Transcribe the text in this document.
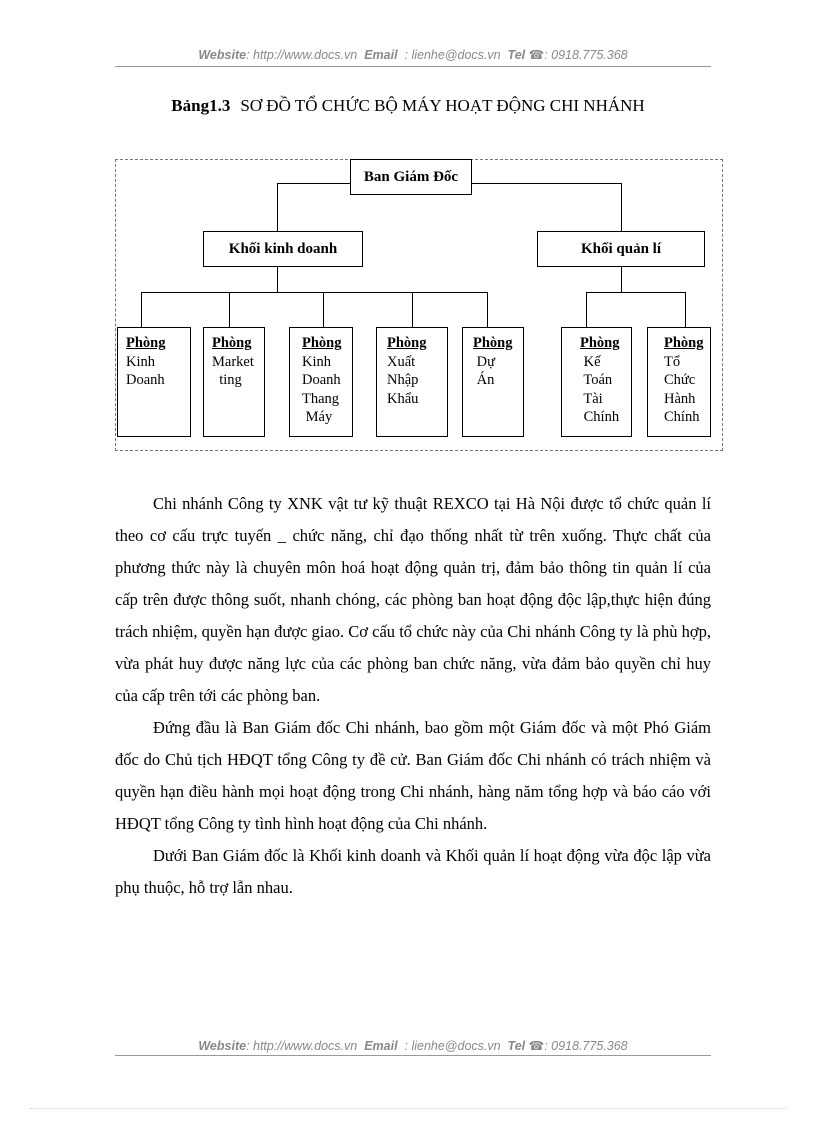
Website: http://www.docs.vn Email : lienhe@docs.vn Tel ☎: 0918.775.368
Bảng1.3 SƠ ĐỒ TỔ CHỨC BỘ MÁY HOẠT ĐỘNG CHI NHÁNH
Ban Giám Đốc
Khối kinh doanh	Khối quản lí
Phòng
Kinh
Doanh
Phòng
Market
ting
Phòng
Kinh
Doanh
Thang
Máy
Phòng
Xuất
Nhập
Khẩu
Phòng
Dự
Án
Phòng
Kế
Toán
Tài
Chính
Phòng
Tổ
Chức
Hành
Chính

Chi nhánh Công ty XNK vật tư kỹ thuật REXCO tại Hà Nội được tổ chức quản lí theo cơ cấu trực tuyến _ chức năng, chỉ đạo thống nhất từ trên xuống. Thực chất của phương thức này là chuyên môn hoá hoạt động quản trị, đảm bảo thông tin quản lí của cấp trên được thông suốt, nhanh chóng, các phòng ban hoạt động độc lập,thực hiện đúng trách nhiệm, quyền hạn được giao. Cơ cấu tổ chức này của Chi nhánh Công ty là phù hợp, vừa phát huy được năng lực của các phòng ban chức năng, vừa đảm bảo quyền chỉ huy của cấp trên tới các phòng ban.

Đứng đầu là Ban Giám đốc Chi nhánh, bao gồm một Giám đốc và một Phó Giám đốc do Chủ tịch HĐQT tổng Công ty đề cử. Ban Giám đốc Chi nhánh có trách nhiệm và quyền hạn điều hành mọi hoạt động trong Chi nhánh, hàng năm tổng hợp và báo cáo với HĐQT tổng Công ty tình hình hoạt động của Chi nhánh.

Dưới Ban Giám đốc là Khối kinh doanh và Khối quản lí hoạt động vừa độc lập vừa phụ thuộc, hỗ trợ lẫn nhau.

Website: http://www.docs.vn Email : lienhe@docs.vn Tel ☎: 0918.775.368
